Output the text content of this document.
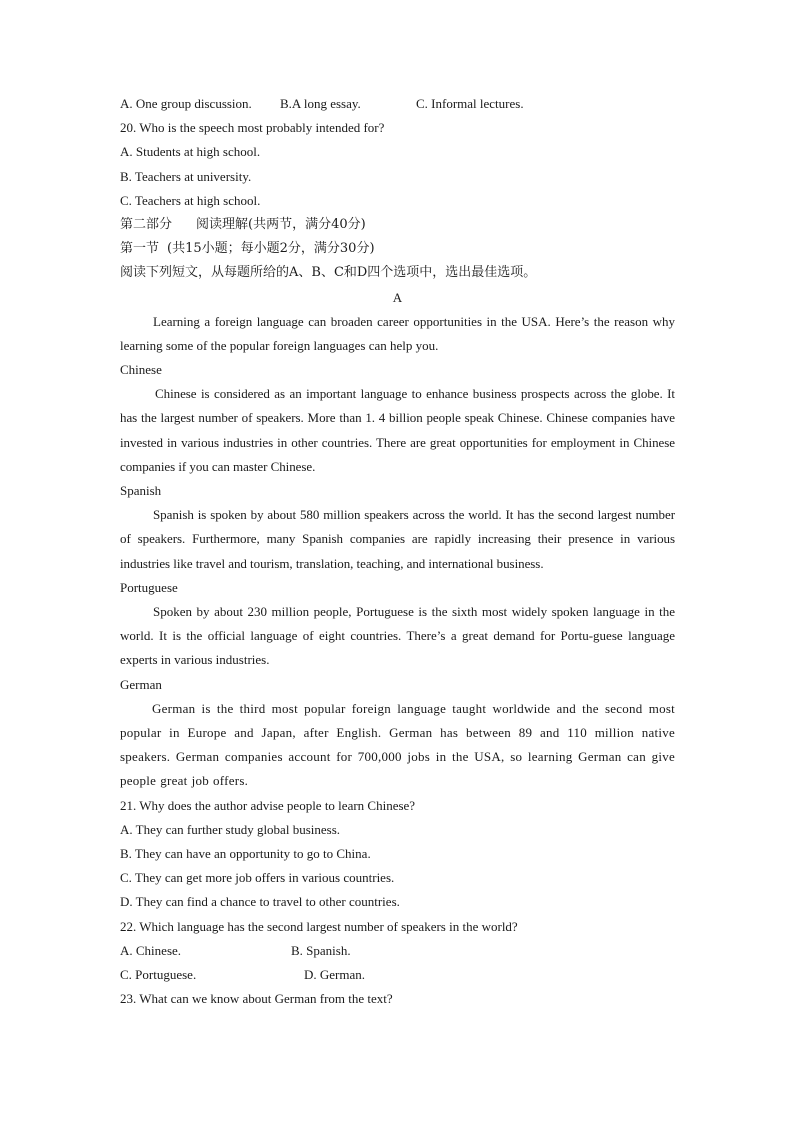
A. One group discussion. B.A long essay.	C. Informal lectures.
20. Who is the speech most probably intended for?
A. Students at high school.
B. Teachers at university.
C. Teachers at high school.
第二部分 阅读理解(共两节，满分40分)
第一节 (共15小题；每小题2分，满分30分)
阅读下列短文，从每题所给的A、B、C和D四个选项中，选出最佳选项。
A

Learning a foreign language can broaden career opportunities in the USA. Here’s the reason why learning some of the popular foreign languages can help you.

Chinese

Chinese is considered as an important language to enhance business prospects across the globe. It has the largest number of speakers. More than 1. 4 billion people speak Chinese. Chinese companies have invested in various industries in other countries. There are great opportunities for employment in Chinese companies if you can master Chinese.

Spanish

Spanish is spoken by about 580 million speakers across the world. It has the second largest number of speakers. Furthermore, many Spanish companies are rapidly increasing their presence in various industries like travel and tourism, translation, teaching, and international business.

Portuguese

Spoken by about 230 million people, Portuguese is the sixth most widely spoken language in the world. It is the official language of eight countries. There’s a great demand for Portu-guese language experts in various industries.

German

German is the third most popular foreign language taught worldwide and the second most popular in Europe and Japan, after English. German has between 89 and 110 million native speakers. German companies account for 700,000 jobs in the USA, so learning German can give people great job offers.

21. Why does the author advise people to learn Chinese?
A. They can further study global business.
B. They can have an opportunity to go to China.
C. They can get more job offers in various countries.
D. They can find a chance to travel to other countries.
22. Which language has the second largest number of speakers in the world?
A. Chinese.	B. Spanish.
C. Portuguese.	D. German.
23. What can we know about German from the text?
